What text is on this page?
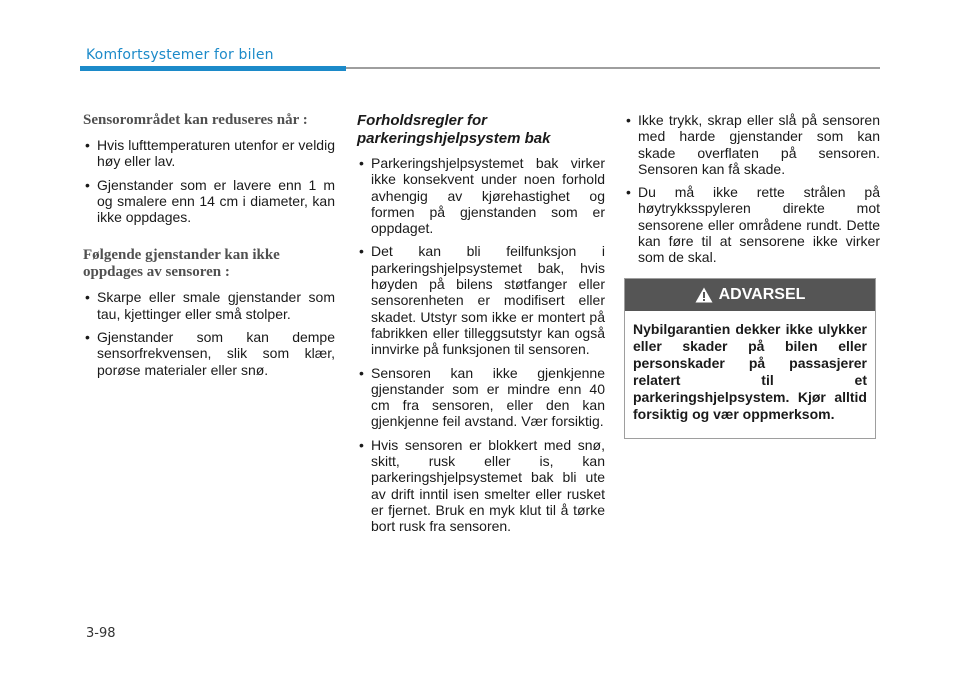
Komfortsystemer for bilen
Sensorområdet kan reduseres når :
• Hvis lufttemperaturen utenfor er veldig høy eller lav.
• Gjenstander som er lavere enn 1 m og smalere enn 14 cm i diameter, kan ikke oppdages.
Følgende gjenstander kan ikke oppdages av sensoren :
• Skarpe eller smale gjenstander som tau, kjettinger eller små stolper.
• Gjenstander som kan dempe sensorfrekvensen, slik som klær, porøse materialer eller snø.
Forholdsregler for parkeringshjelpsystem bak
• Parkeringshjelpsystemet bak virker ikke konsekvent under noen forhold avhengig av kjørehastighet og formen på gjenstanden som er oppdaget.
• Det kan bli feilfunksjon i parkeringshjelpsystemet bak, hvis høyden på bilens støtfanger eller sensorenheten er modifisert eller skadet. Utstyr som ikke er montert på fabrikken eller tilleggsutstyr kan også innvirke på funksjonen til sensoren.
• Sensoren kan ikke gjenkjenne gjenstander som er mindre enn 40 cm fra sensoren, eller den kan gjenkjenne feil avstand. Vær forsiktig.
• Hvis sensoren er blokkert med snø, skitt, rusk eller is, kan parkeringshjelpsystemet bak bli ute av drift inntil isen smelter eller rusket er fjernet. Bruk en myk klut til å tørke bort rusk fra sensoren.
• Ikke trykk, skrap eller slå på sensoren med harde gjenstander som kan skade overflaten på sensoren. Sensoren kan få skade.
• Du må ikke rette strålen på høytrykksspyleren direkte mot sensorene eller områdene rundt. Dette kan føre til at sensorene ikke virker som de skal.
ADVARSEL
Nybilgarantien dekker ikke ulykker eller skader på bilen eller personskader på passasjerer relatert til et parkeringshjelpsystem. Kjør alltid forsiktig og vær oppmerksom.
3-98
